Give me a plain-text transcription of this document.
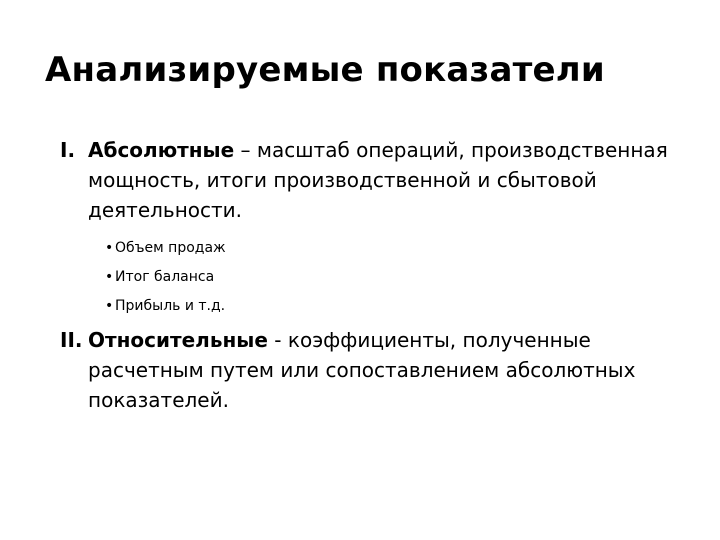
Анализируемые показатели
I. Абсолютные – масштаб операций, производственная мощность, итоги производственной и сбытовой деятельности.
• Объем продаж
• Итог баланса
• Прибыль и т.д.
II. Относительные - коэффициенты, полученные расчетным путем или сопоставлением абсолютных показателей.
